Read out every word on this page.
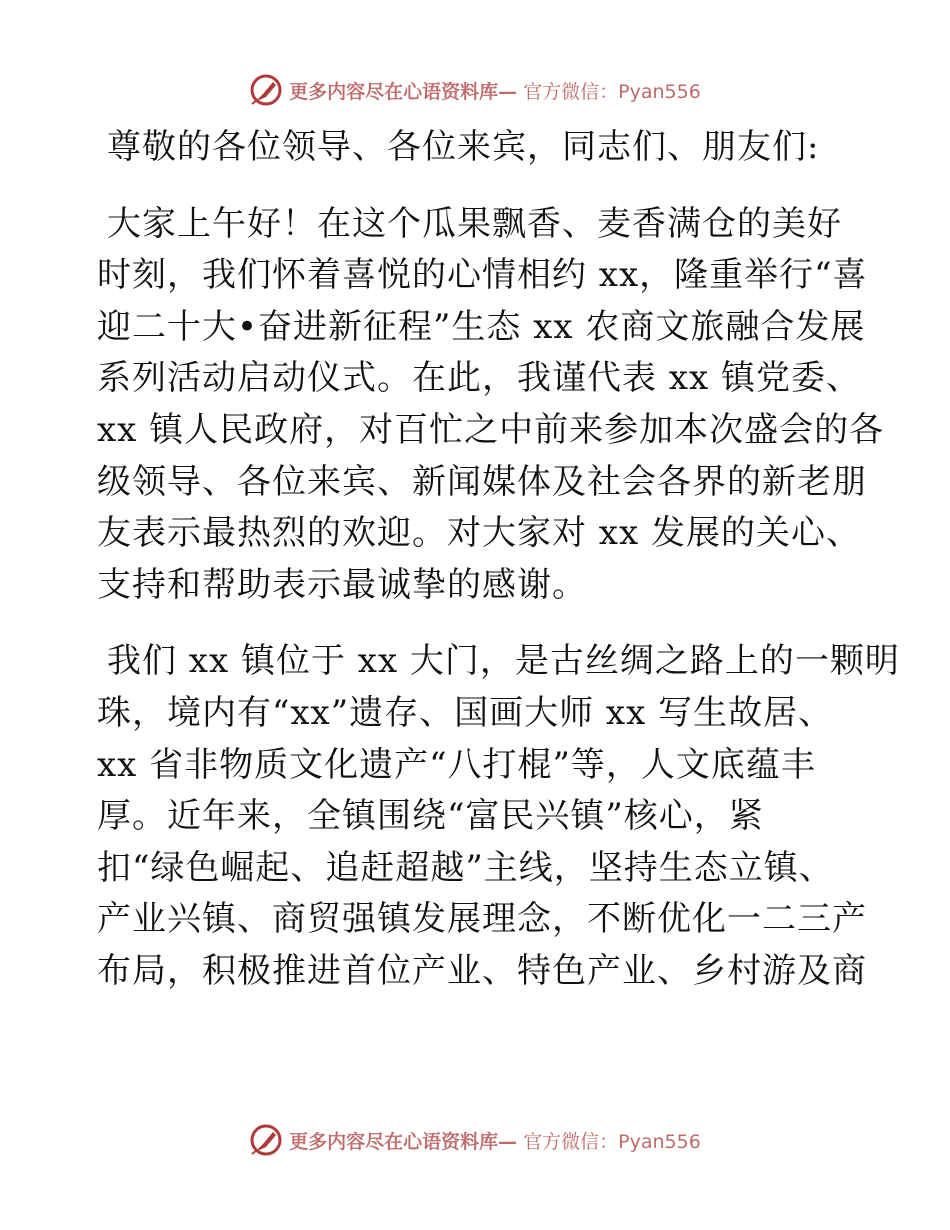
更多内容尽在心语资料库— 官方微信：Pyan556
尊敬的各位领导、各位来宾，同志们、朋友们:
大家上午好！在这个瓜果飘香、麦香满仓的美好
时刻，我们怀着喜悦的心情相约 xx，隆重举行“喜
迎二十大•奋进新征程”生态 xx 农商文旅融合发展
系列活动启动仪式。在此，我谨代表 xx 镇党委、
xx 镇人民政府，对百忙之中前来参加本次盛会的各
级领导、各位来宾、新闻媒体及社会各界的新老朋
友表示最热烈的欢迎。对大家对 xx 发展的关心、
支持和帮助表示最诚挚的感谢。
我们 xx 镇位于 xx 大门，是古丝绸之路上的一颗明
珠，境内有“xx”遗存、国画大师 xx 写生故居、
xx 省非物质文化遗产“八打棍”等，人文底蕴丰
厚。近年来，全镇围绕“富民兴镇”核心，紧
扣“绿色崛起、追赶超越”主线，坚持生态立镇、
产业兴镇、商贸强镇发展理念，不断优化一二三产
布局，积极推进首位产业、特色产业、乡村游及商
更多内容尽在心语资料库— 官方微信：Pyan556
